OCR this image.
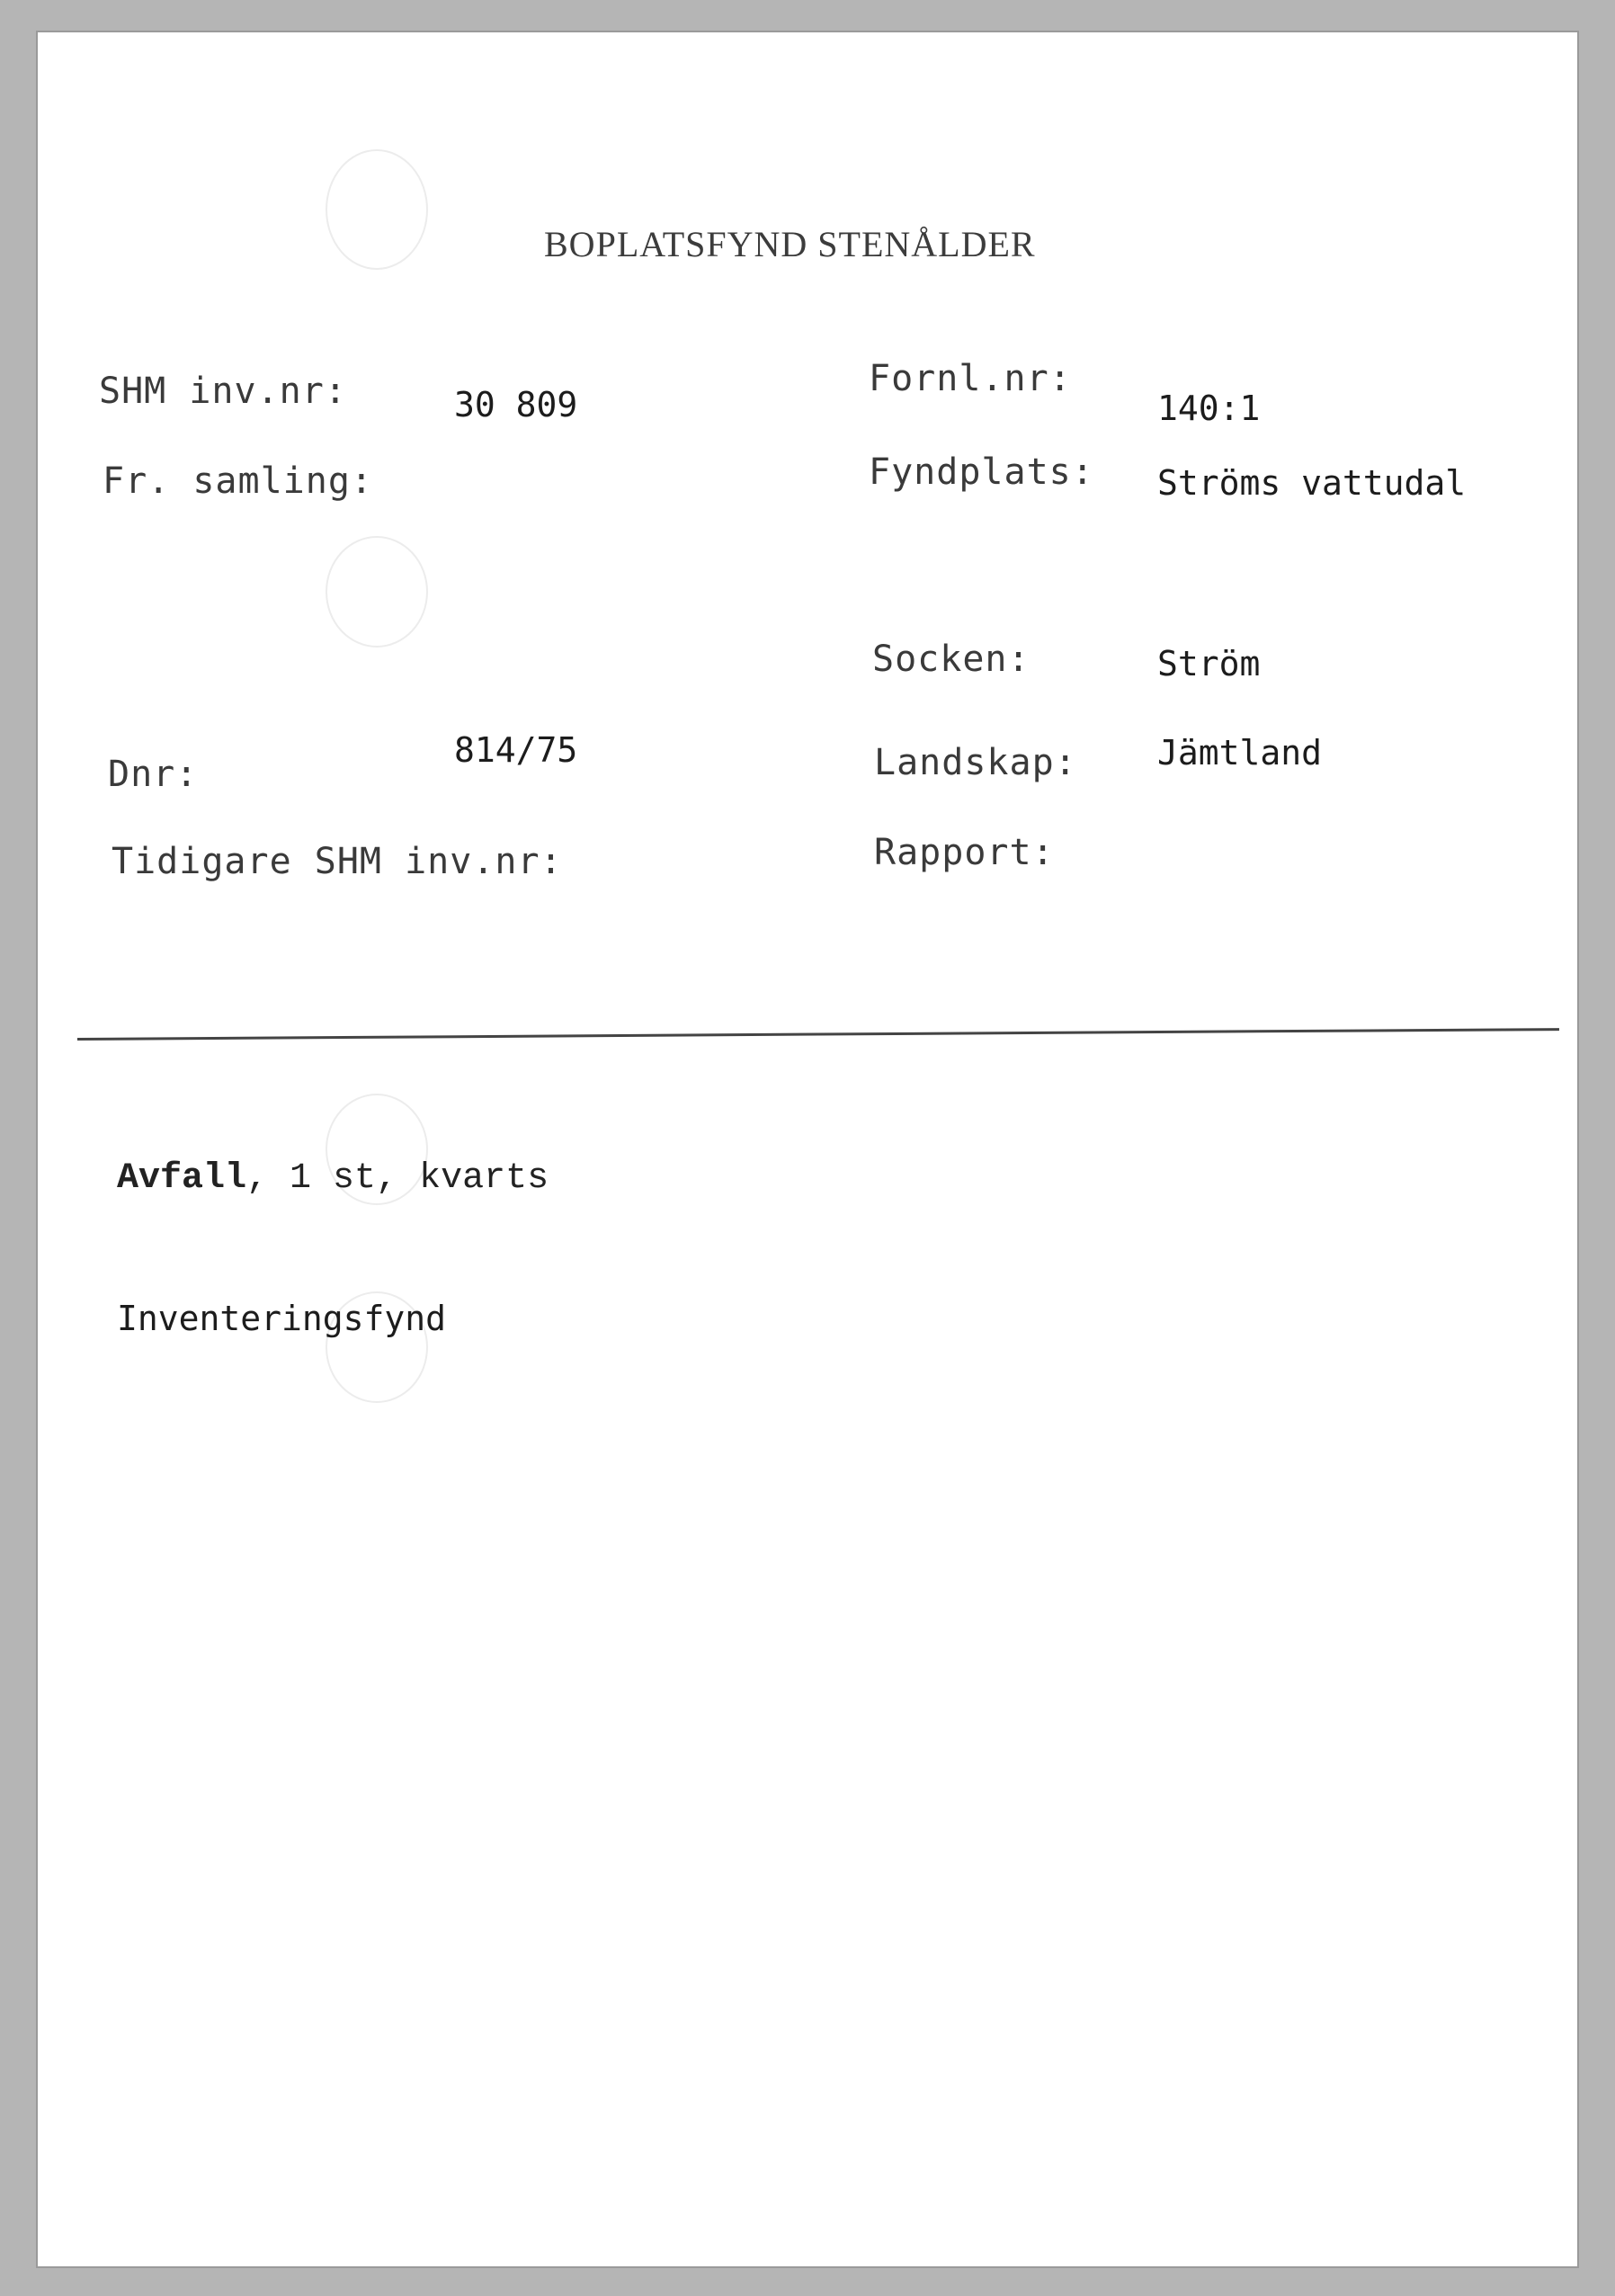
BOPLATSFYND STENÅLDER
SHM inv.nr:	30 809
Fr. samling:
Dnr:
814/75
Tidigare SHM inv.nr:
Fornl.nr:
140:1
Fyndplats: Ströms vattudal
Socken:	Ström
Landskap: Jämtland
Rapport:
Avfall, 1 st, kvarts
Inventeringsfynd
